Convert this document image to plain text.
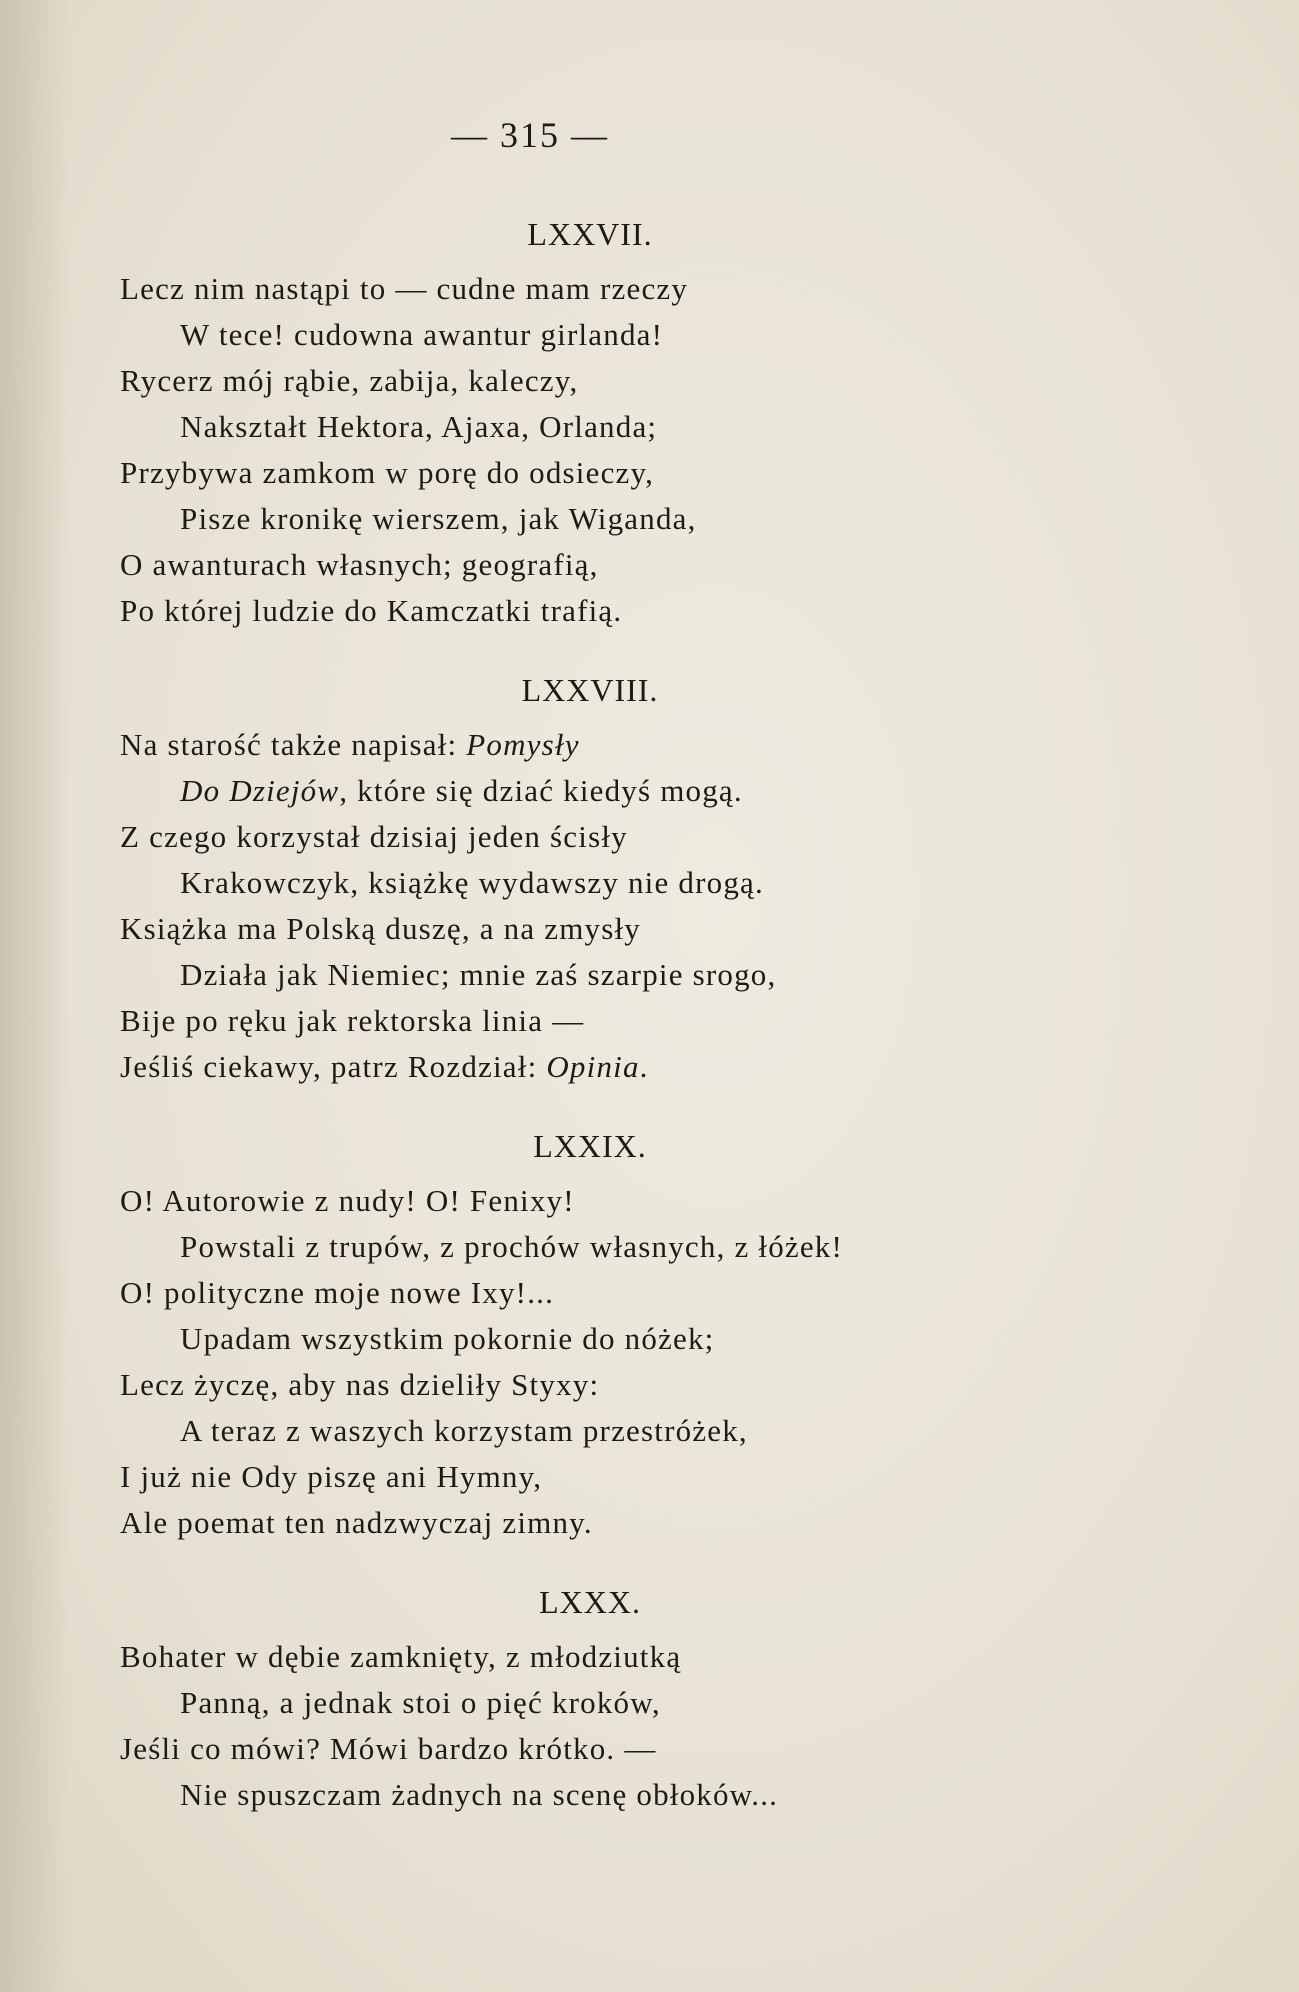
— 315 —
LXXVII.
Lecz nim nastąpi to — cudne mam rzeczy
W tece! cudowna awantur girlanda!
Rycerz mój rąbie, zabija, kaleczy,
Nakształt Hektora, Ajaxa, Orlanda;
Przybywa zamkom w porę do odsieczy,
Pisze kronikę wierszem, jak Wiganda,
O awanturach własnych; geografią,
Po której ludzie do Kamczatki trafią.
LXXVIII.
Na starość także napisał: Pomysły
Do Dziejów, które się dziać kiedyś mogą.
Z czego korzystał dzisiaj jeden ścisły
Krakowczyk, książkę wydawszy nie drogą.
Książka ma Polską duszę, a na zmysły
Działa jak Niemiec; mnie zaś szarpie srogo,
Bije po ręku jak rektorska linia —
Jeśliś ciekawy, patrz Rozdział: Opinia.
LXXIX.
O! Autorowie z nudy! O! Fenixy!
Powstali z trupów, z prochów własnych, z łóżek!
O! polityczne moje nowe Ixy!...
Upadam wszystkim pokornie do nóżek;
Lecz życzę, aby nas dzieliły Styxy:
A teraz z waszych korzystam przestróżek,
I już nie Ody piszę ani Hymny,
Ale poemat ten nadzwyczaj zimny.
LXXX.
Bohater w dębie zamknięty, z młodziutką
Panną, a jednak stoi o pięć kroków,
Jeśli co mówi? Mówi bardzo krótko. —
Nie spuszczam żadnych na scenę obłoków...
